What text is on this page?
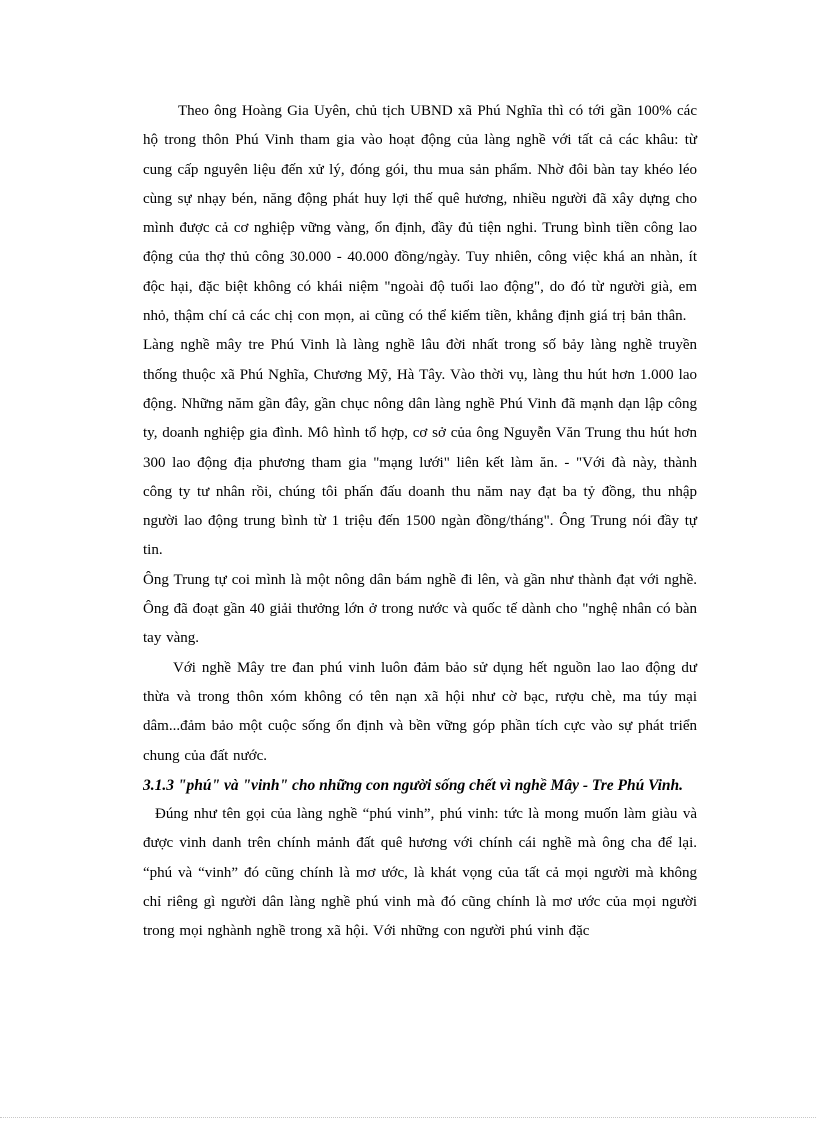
Theo ông Hoàng Gia Uyên, chủ tịch UBND xã Phú Nghĩa thì có tới gần 100% các hộ trong thôn Phú Vinh tham gia vào hoạt động của làng nghề với tất cả các khâu: từ cung cấp nguyên liệu đến xử lý, đóng gói, thu mua sản phẩm. Nhờ đôi bàn tay khéo léo cùng sự nhạy bén, năng động phát huy lợi thế quê hương, nhiều người đã xây dựng cho mình được cả cơ nghiệp vững vàng, ổn định, đầy đủ tiện nghi. Trung bình tiền công lao động của thợ thủ công 30.000 - 40.000 đồng/ngày. Tuy nhiên, công việc khá an nhàn, ít độc hại, đặc biệt không có khái niệm "ngoài độ tuổi lao động", do đó từ người già, em nhỏ, thậm chí cả các chị con mọn, ai cũng có thể kiếm tiền, khẳng định giá trị bản thân.

Làng nghề mây tre Phú Vinh là làng nghề lâu đời nhất trong số bảy làng nghề truyền thống thuộc xã Phú Nghĩa, Chương Mỹ, Hà Tây. Vào thời vụ, làng thu hút hơn 1.000 lao động. Những năm gần đây, gần chục nông dân làng nghề Phú Vinh đã mạnh dạn lập công ty, doanh nghiệp gia đình. Mô hình tổ hợp, cơ sở của ông Nguyễn Văn Trung thu hút hơn 300 lao động địa phương tham gia "mạng lưới" liên kết làm ăn. - "Với đà này, thành công ty tư nhân rồi, chúng tôi phấn đấu doanh thu năm nay đạt ba tỷ đồng, thu nhập người lao động trung bình từ 1 triệu đến 1500 ngàn đồng/tháng". Ông Trung nói đầy tự tin.

Ông Trung tự coi mình là một nông dân bám nghề đi lên, và gần như thành đạt với nghề. Ông đã đoạt gần 40 giải thưởng lớn ở trong nước và quốc tế dành cho "nghệ nhân có bàn tay vàng.

Với nghề Mây tre đan phú vinh luôn đảm bảo sử dụng hết nguồn lao lao động dư thừa và trong thôn xóm không có tên nạn xã hội như cờ bạc, rượu chè, ma túy mại dâm...đảm bảo một cuộc sống ổn định và bền vững góp phần tích cực vào sự phát triển chung của đất nước.

3.1.3 "phú" và "vinh" cho những con người sống chết vì nghề Mây - Tre Phú Vinh.

Đúng như tên gọi của làng nghề “phú vinh”, phú vinh: tức là mong muốn làm giàu và được vinh danh trên chính mảnh đất quê hương với chính cái nghề mà ông cha để lại. “phú và “vinh” đó cũng chính là mơ ước, là khát vọng của tất cả mọi người mà không chỉ riêng gì người dân làng nghề phú vinh mà đó cũng chính là mơ ước của mọi người trong mọi nghành nghề trong xã hội. Với những con người phú vinh đặc
